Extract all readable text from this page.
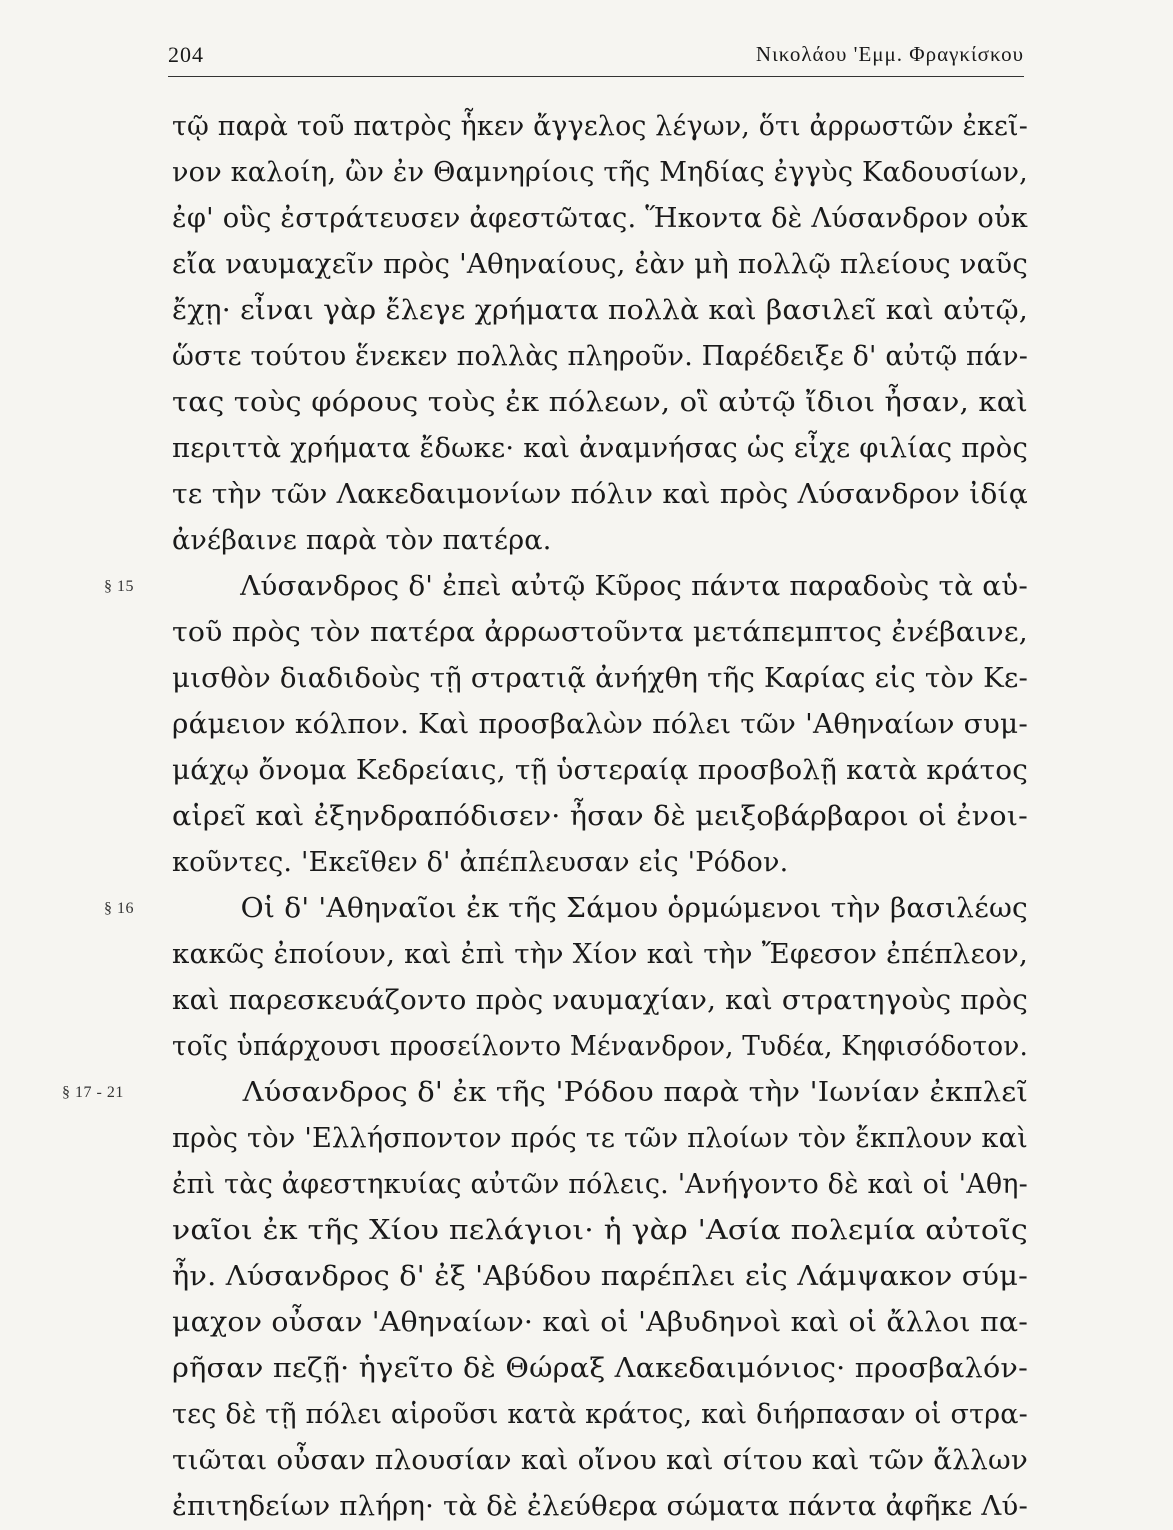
204	Νικολάου 'Εμμ. Φραγκίσκου
τῷ παρὰ τοῦ πατρὸς ἧκεν ἄγγελος λέγων, ὅτι ἀρρωστῶν ἐκεῖ-
νον καλοίη, ὢν ἐν Θαμνηρίοις τῆς Μηδίας ἐγγὺς Καδουσίων,
ἐφ' οὓς ἐστράτευσεν ἀφεστῶτας. Ἥκοντα δὲ Λύσανδρον οὐκ
εἴα ναυμαχεῖν πρὸς 'Αθηναίους, ἐὰν μὴ πολλῷ πλείους ναῦς
ἔχῃ· εἶναι γὰρ ἔλεγε χρήματα πολλὰ καὶ βασιλεῖ καὶ αὐτῷ,
ὥστε τούτου ἕνεκεν πολλὰς πληροῦν. Παρέδειξε δ' αὐτῷ πάν-
τας τοὺς φόρους τοὺς ἐκ πόλεων, οἳ αὐτῷ ἴδιοι ἦσαν, καὶ
περιττὰ χρήματα ἔδωκε· καὶ ἀναμνήσας ὡς εἶχε φιλίας πρὸς
τε τὴν τῶν Λακεδαιμονίων πόλιν καὶ πρὸς Λύσανδρον ἰδίᾳ
ἀνέβαινε παρὰ τὸν πατέρα.
§ 15	Λύσανδρος δ' ἐπεὶ αὐτῷ Κῦρος πάντα παραδοὺς τὰ αὑ-
τοῦ πρὸς τὸν πατέρα ἀρρωστοῦντα μετάπεμπτος ἐνέβαινε,
μισθὸν διαδιδοὺς τῇ στρατιᾷ ἀνήχθη τῆς Καρίας εἰς τὸν Κε-
ράμειον κόλπον. Καὶ προσβαλὼν πόλει τῶν 'Αθηναίων συμ-
μάχῳ ὄνομα Κεδρείαις, τῇ ὑστεραίᾳ προσβολῇ κατὰ κράτος
αἱρεῖ καὶ ἐξηνδραπόδισεν· ἦσαν δὲ μειξοβάρβαροι οἱ ἐνοι-
κοῦντες. 'Εκεῖθεν δ' ἀπέπλευσαν εἰς 'Ρόδον.
§ 16	Οἱ δ' 'Αθηναῖοι ἐκ τῆς Σάμου ὁρμώμενοι τὴν βασιλέως
κακῶς ἐποίουν, καὶ ἐπὶ τὴν Χίον καὶ τὴν Ἔφεσον ἐπέπλεον,
καὶ παρεσκευάζοντο πρὸς ναυμαχίαν, καὶ στρατηγοὺς πρὸς
τοῖς ὑπάρχουσι προσείλοντο Μένανδρον, Τυδέα, Κηφισόδοτον.
§ 17 - 21	Λύσανδρος δ' ἐκ τῆς 'Ρόδου παρὰ τὴν 'Ιωνίαν ἐκπλεῖ
πρὸς τὸν 'Ελλήσποντον πρός τε τῶν πλοίων τὸν ἔκπλουν καὶ
ἐπὶ τὰς ἀφεστηκυίας αὐτῶν πόλεις. 'Ανήγοντο δὲ καὶ οἱ 'Αθη-
ναῖοι ἐκ τῆς Χίου πελάγιοι· ἡ γὰρ 'Ασία πολεμία αὐτοῖς
ἦν. Λύσανδρος δ' ἐξ 'Αβύδου παρέπλει εἰς Λάμψακον σύμ-
μαχον οὖσαν 'Αθηναίων· καὶ οἱ 'Αβυδηνοὶ καὶ οἱ ἄλλοι πα-
ρῆσαν πεζῇ· ἡγεῖτο δὲ Θώραξ Λακεδαιμόνιος· προσβαλόν-
τες δὲ τῇ πόλει αἱροῦσι κατὰ κράτος, καὶ διήρπασαν οἱ στρα-
τιῶται οὖσαν πλουσίαν καὶ οἴνου καὶ σίτου καὶ τῶν ἄλλων
ἐπιτηδείων πλήρη· τὰ δὲ ἐλεύθερα σώματα πάντα ἀφῆκε Λύ-
